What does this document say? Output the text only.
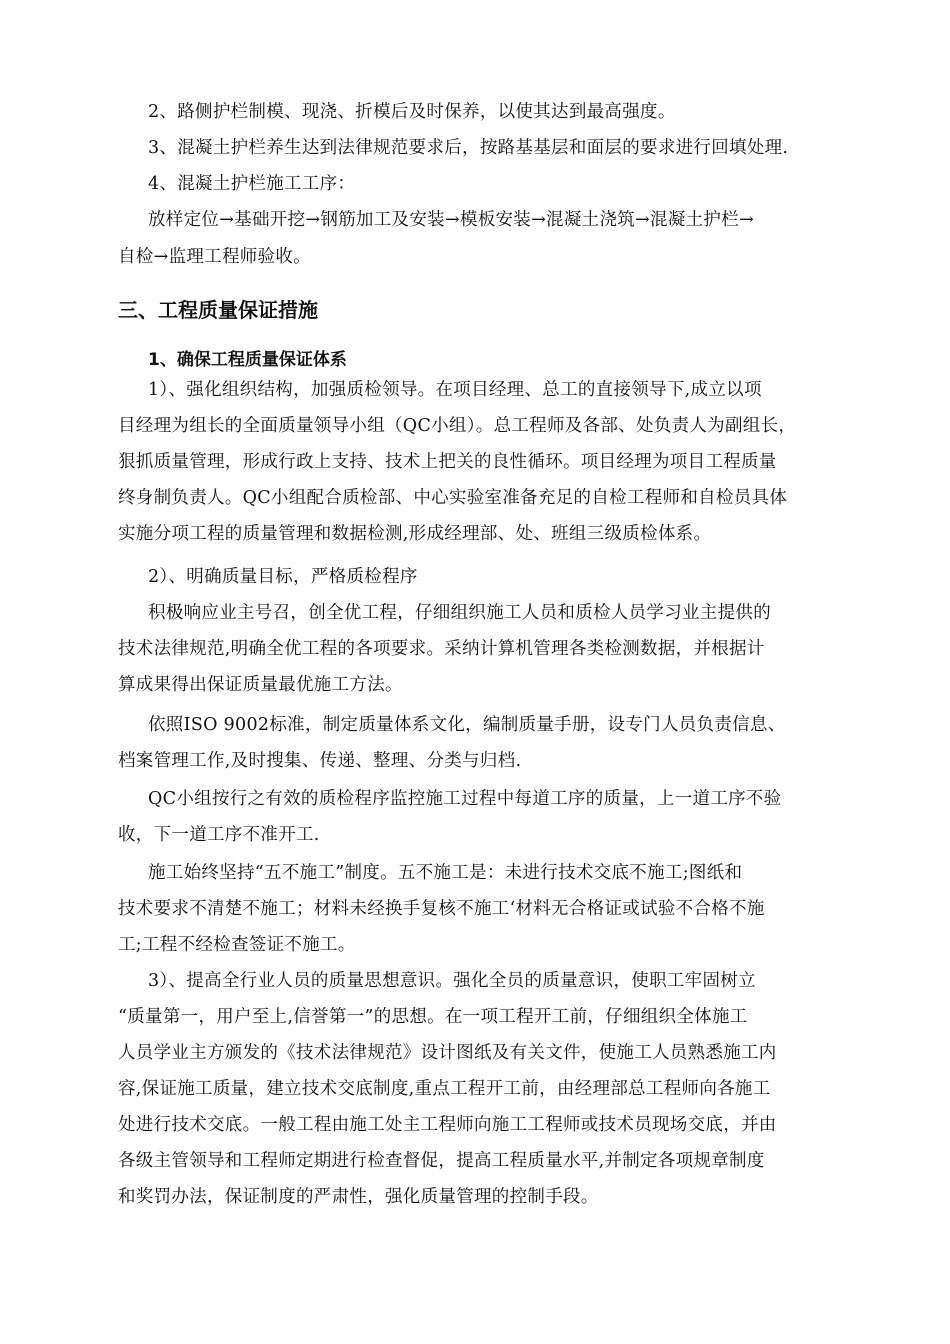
2、路侧护栏制模、现浇、折模后及时保养，以使其达到最高强度。
3、混凝土护栏养生达到法律规范要求后，按路基基层和面层的要求进行回填处理.
4、混凝土护栏施工工序：
放样定位→基础开挖→钢筋加工及安装→模板安装→混凝土浇筑→混凝土护栏→
自检→监理工程师验收。
三、工程质量保证措施
1、确保工程质量保证体系
1）、强化组织结构，加强质检领导。在项目经理、总工的直接领导下,成立以项
目经理为组长的全面质量领导小组（QC小组）。总工程师及各部、处负责人为副组长，
狠抓质量管理，形成行政上支持、技术上把关的良性循环。项目经理为项目工程质量
终身制负责人。QC小组配合质检部、中心实验室准备充足的自检工程师和自检员具体
实施分项工程的质量管理和数据检测,形成经理部、处、班组三级质检体系。
2）、明确质量目标，严格质检程序
积极响应业主号召，创全优工程，仔细组织施工人员和质检人员学习业主提供的
技术法律规范,明确全优工程的各项要求。采纳计算机管理各类检测数据，并根据计
算成果得出保证质量最优施工方法。
依照ISO 9002标准，制定质量体系文化，编制质量手册，设专门人员负责信息、
档案管理工作,及时搜集、传递、整理、分类与归档.
QC小组按行之有效的质检程序监控施工过程中每道工序的质量，上一道工序不验
收，下一道工序不准开工.
施工始终坚持“五不施工”制度。五不施工是：未进行技术交底不施工;图纸和
技术要求不清楚不施工；材料未经换手复核不施工‘材料无合格证或试验不合格不施
工;工程不经检查签证不施工。
3）、提高全行业人员的质量思想意识。强化全员的质量意识，使职工牢固树立
“质量第一，用户至上,信誉第一”的思想。在一项工程开工前，仔细组织全体施工
人员学业主方颁发的《技术法律规范》设计图纸及有关文件，使施工人员熟悉施工内
容,保证施工质量，建立技术交底制度,重点工程开工前，由经理部总工程师向各施工
处进行技术交底。一般工程由施工处主工程师向施工工程师或技术员现场交底，并由
各级主管领导和工程师定期进行检查督促，提高工程质量水平,并制定各项规章制度
和奖罚办法，保证制度的严肃性，强化质量管理的控制手段。
